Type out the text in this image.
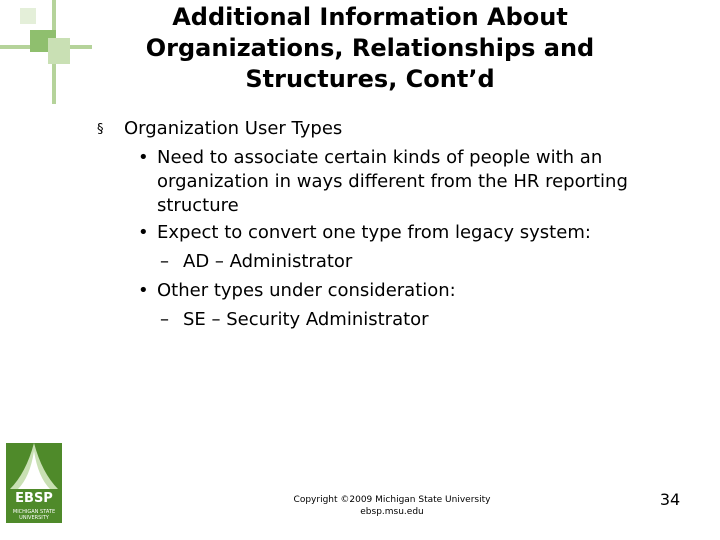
Additional Information About
Organizations, Relationships and
Structures, Cont’d
§ Organization User Types
• Need to associate certain kinds of people with an
organization in ways different from the HR reporting
structure
• Expect to convert one type from legacy system:
– AD – Administrator
• Other types under consideration:
– SE – Security Administrator
EBSP
MICHIGAN STATE UNIVERSITY
Copyright ©2009 Michigan State University
ebsp.msu.edu
34
